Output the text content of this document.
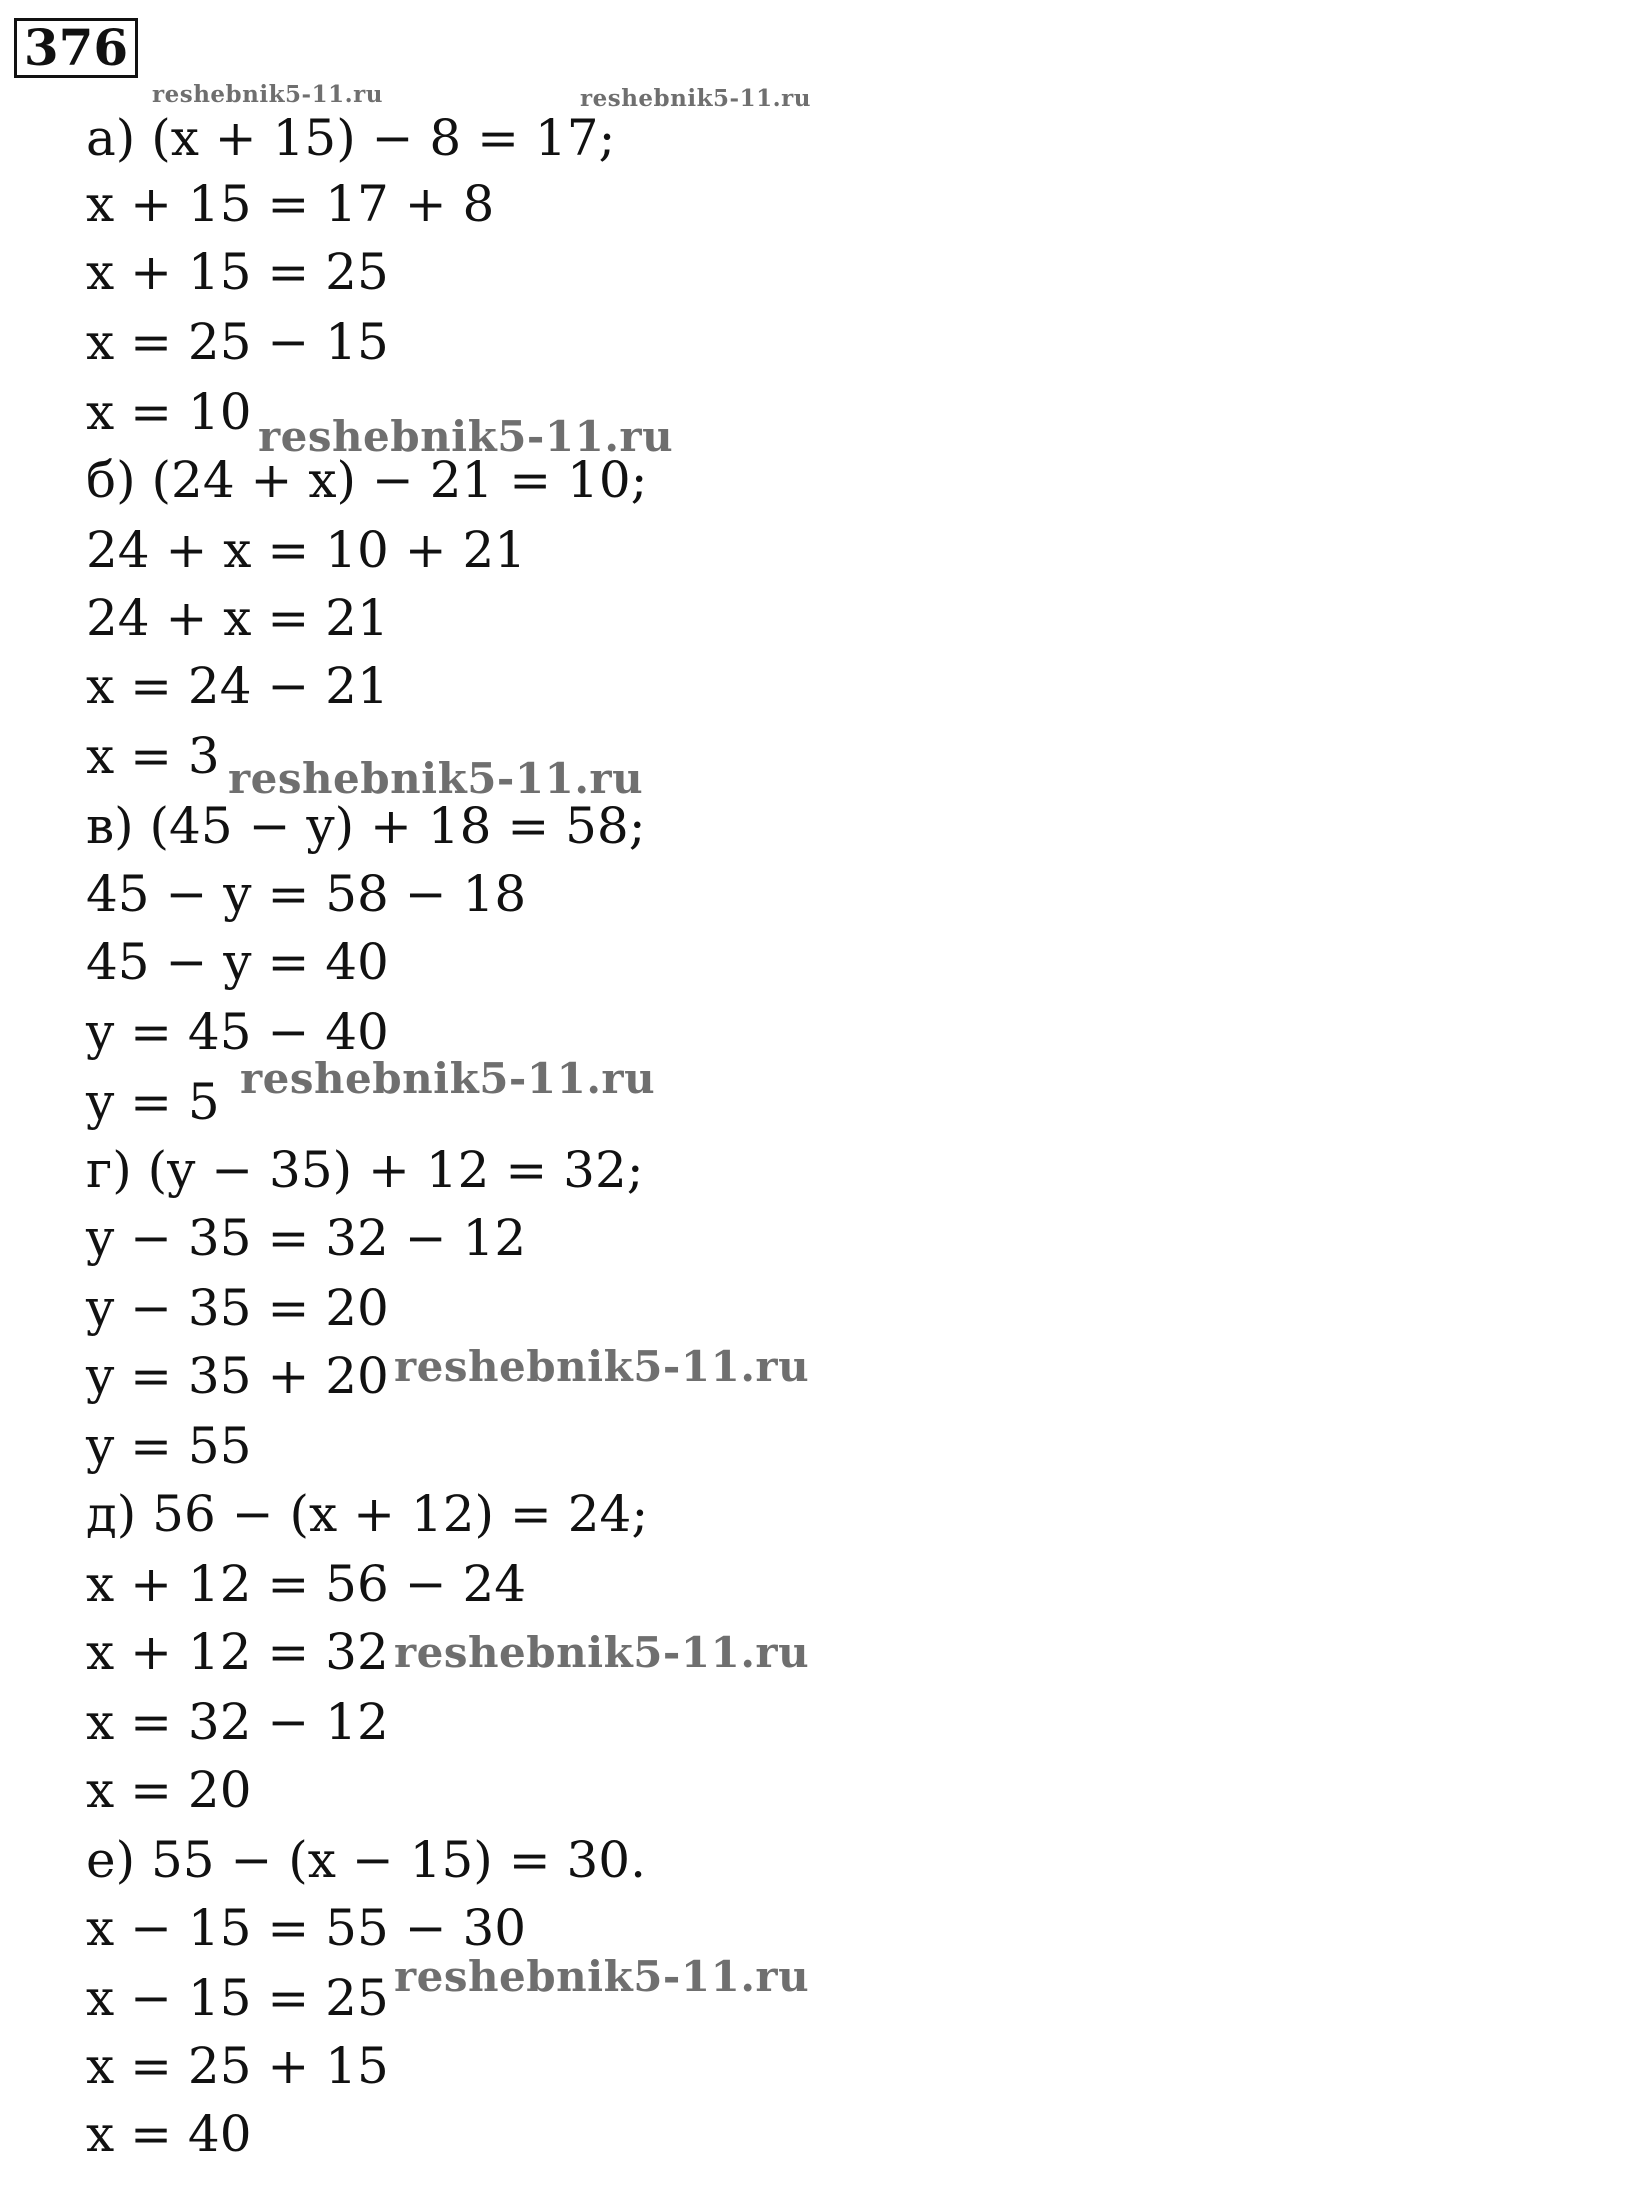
376
а) (x + 15) − 8 = 17;
x + 15 = 17 + 8
x + 15 = 25
x = 25 − 15
x = 10
б) (24 + x) − 21 = 10;
24 + x = 10 + 21
24 + x = 21
x = 24 − 21
x = 3
в) (45 − y) + 18 = 58;
45 − y = 58 − 18
45 − y = 40
y = 45 − 40
y = 5
г) (y − 35) + 12 = 32;
y − 35 = 32 − 12
y − 35 = 20
y = 35 + 20
y = 55
д) 56 − (x + 12) = 24;
x + 12 = 56 − 24
x + 12 = 32
x = 32 − 12
x = 20
е) 55 − (x − 15) = 30.
x − 15 = 55 − 30
x − 15 = 25
x = 25 + 15
x = 40
reshebnik5-11.ru	reshebnik5-11.ru
reshebnik5-11.ru
reshebnik5-11.ru
reshebnik5-11.ru
reshebnik5-11.ru
reshebnik5-11.ru
reshebnik5-11.ru
